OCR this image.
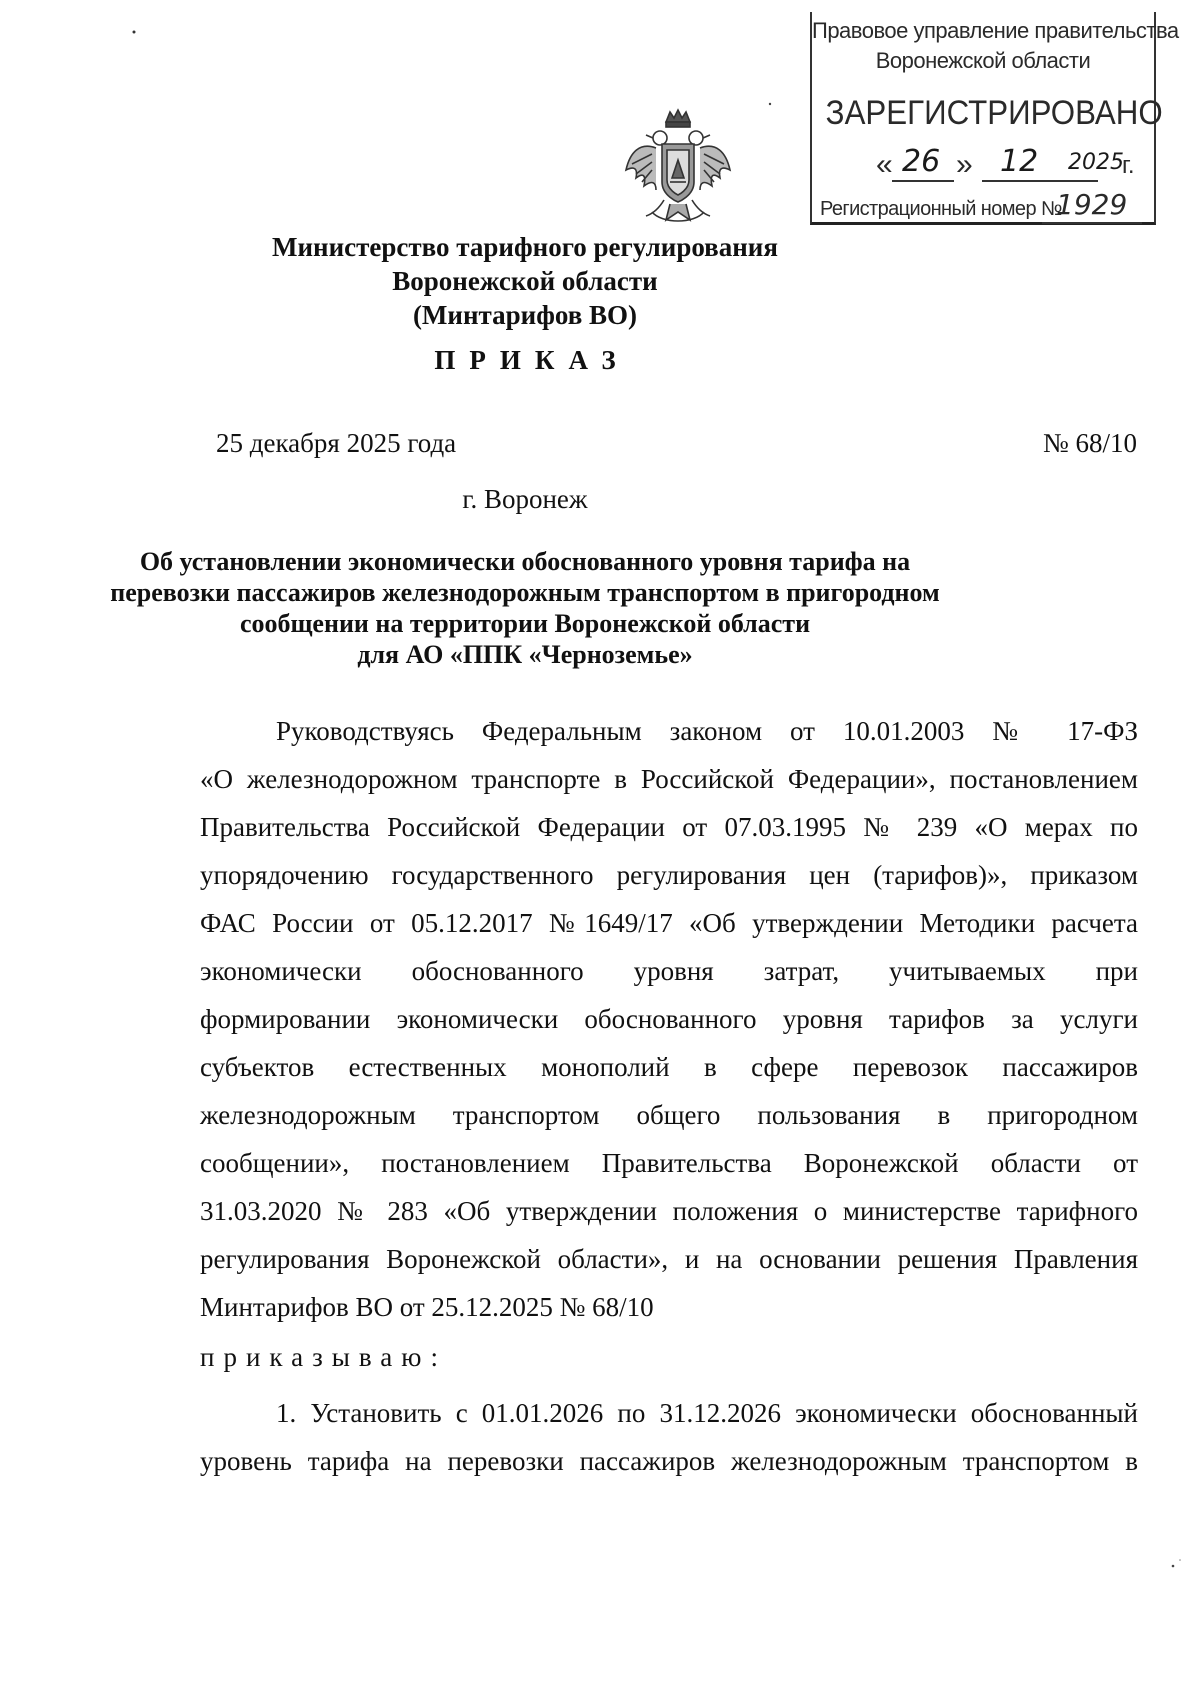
Правовое управление правительства
Воронежской области
ЗАРЕГИСТРИРОВАНО
« 26 » 12 2025
г.
Регистрационный номер №
1929
Министерство тарифного регулирования
Воронежской области
(Минтарифов ВО)
ПРИКАЗ
25 декабря 2025 года	№ 68/10
г. Воронеж
Об установлении экономически обоснованного уровня тарифа на
перевозки пассажиров железнодорожным транспортом в пригородном
сообщении на территории Воронежской области
для АО «ППК «Черноземье»
Руководствуясь Федеральным законом от 10.01.2003 № 17-ФЗ
«О железнодорожном транспорте в Российской Федерации», постановлением
Правительства Российской Федерации от 07.03.1995 № 239 «О мерах по
упорядочению государственного регулирования цен (тарифов)», приказом
ФАС России от 05.12.2017 №1649/17 «Об утверждении Методики расчета
экономически обоснованного уровня затрат, учитываемых при
формировании экономически обоснованного уровня тарифов за услуги
субъектов естественных монополий в сфере перевозок пассажиров
железнодорожным транспортом общего пользования в пригородном
сообщении», постановлением Правительства Воронежской области от
31.03.2020 № 283 «Об утверждении положения о министерстве тарифного
регулирования Воронежской области», и на основании решения Правления
Минтарифов ВО от 25.12.2025 № 68/10
приказываю:
1. Установить с 01.01.2026 по 31.12.2026 экономически обоснованный
уровень тарифа на перевозки пассажиров железнодорожным транспортом в
